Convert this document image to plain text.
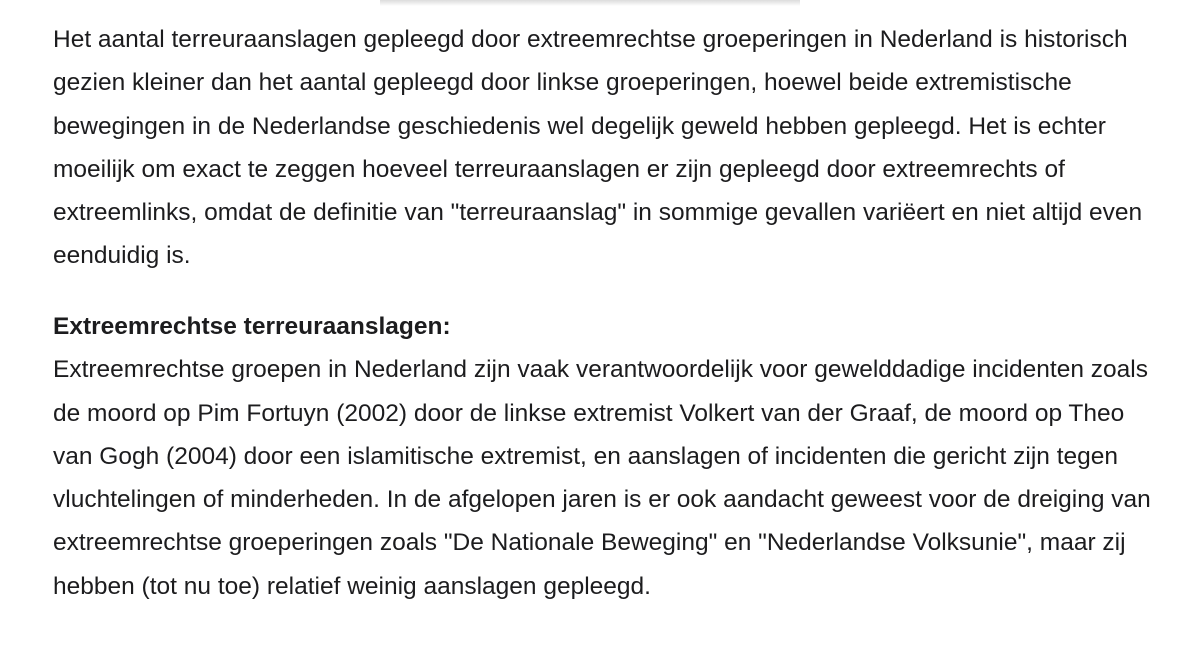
Het aantal terreuraanslagen gepleegd door extreemrechtse groeperingen in Nederland is historisch gezien kleiner dan het aantal gepleegd door linkse groeperingen, hoewel beide extremistische bewegingen in de Nederlandse geschiedenis wel degelijk geweld hebben gepleegd. Het is echter moeilijk om exact te zeggen hoeveel terreuraanslagen er zijn gepleegd door extreemrechts of extreemlinks, omdat de definitie van "terreuraanslag" in sommige gevallen variëert en niet altijd even eenduidig is.

Extreemrechtse terreuraanslagen:

Extreemrechtse groepen in Nederland zijn vaak verantwoordelijk voor gewelddadige incidenten zoals de moord op Pim Fortuyn (2002) door de linkse extremist Volkert van der Graaf, de moord op Theo van Gogh (2004) door een islamitische extremist, en aanslagen of incidenten die gericht zijn tegen vluchtelingen of minderheden. In de afgelopen jaren is er ook aandacht geweest voor de dreiging van extreemrechtse groeperingen zoals "De Nationale Beweging" en "Nederlandse Volksunie", maar zij hebben (tot nu toe) relatief weinig aanslagen gepleegd.
